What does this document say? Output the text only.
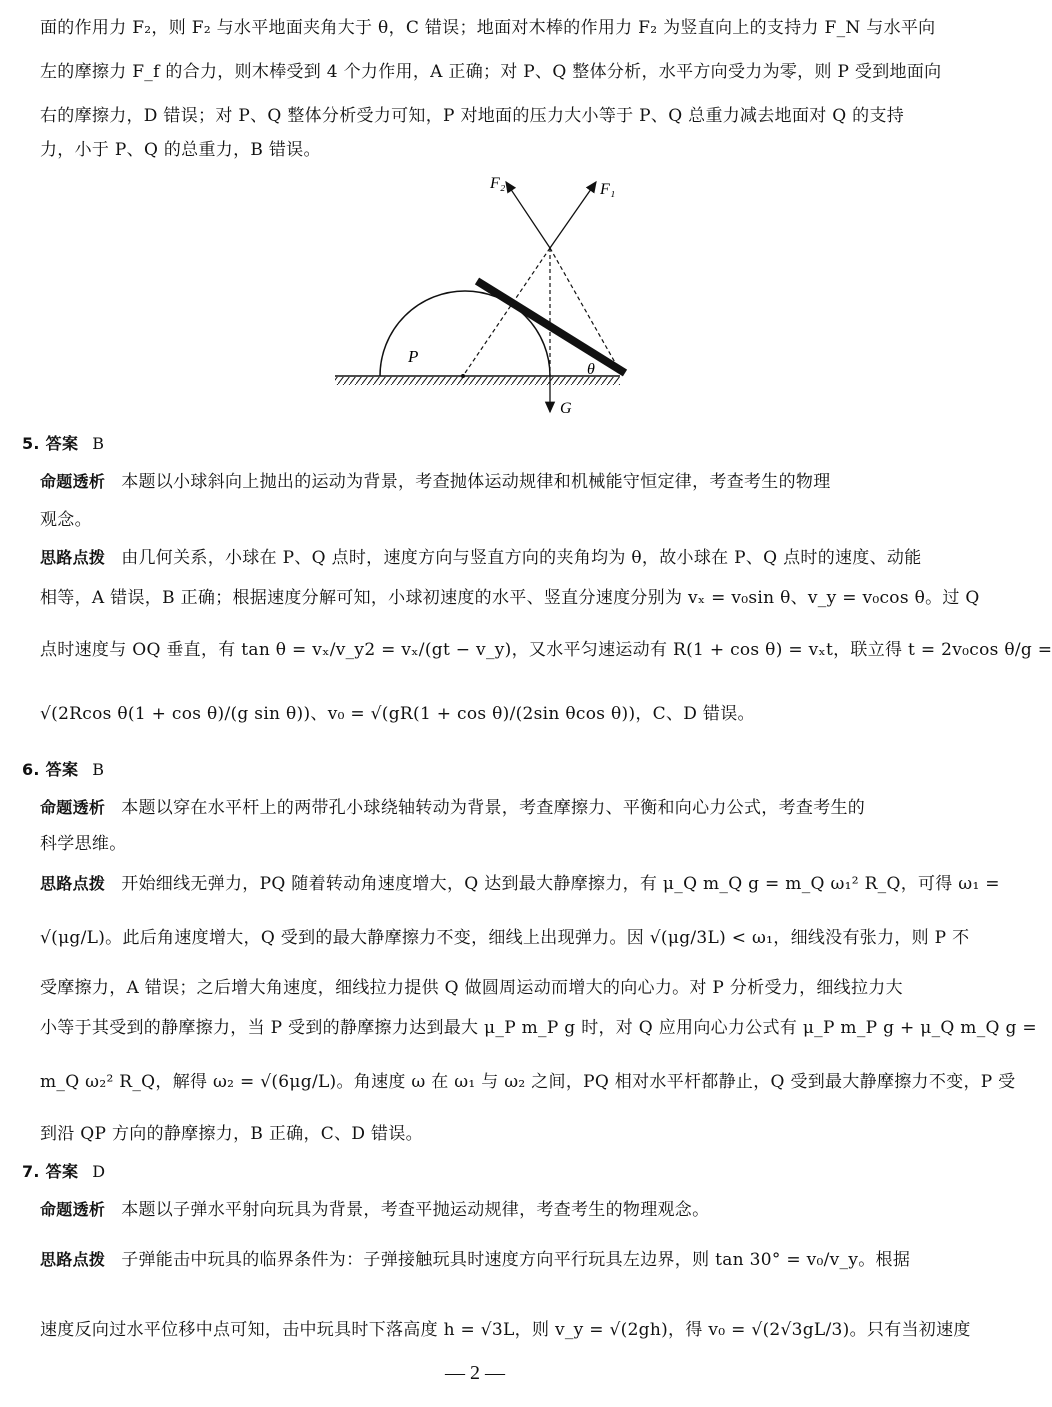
面的作用力 F₂，则 F₂ 与水平地面夹角大于 θ，C 错误；地面对木棒的作用力 F₂ 为竖直向上的支持力 F_N 与水平向
左的摩擦力 F_f 的合力，则木棒受到 4 个力作用，A 正确；对 P、Q 整体分析，水平方向受力为零，则 P 受到地面向
右的摩擦力，D 错误；对 P、Q 整体分析受力可知，P 对地面的压力大小等于 P、Q 总重力减去地面对 Q 的支持
力，小于 P、Q 的总重力，B 错误。
F₂	F₁
P
θ
G
5. 答案 B
命题透析 本题以小球斜向上抛出的运动为背景，考查抛体运动规律和机械能守恒定律，考查考生的物理
观念。
思路点拨 由几何关系，小球在 P、Q 点时，速度方向与竖直方向的夹角均为 θ，故小球在 P、Q 点时的速度、动能
相等，A 错误，B 正确；根据速度分解可知，小球初速度的水平、竖直分速度分别为 vₓ = v₀sin θ、v_y = v₀cos θ。过 Q
点时速度与 OQ 垂直，有 tan θ = vₓ/v_y2 = vₓ/(gt − v_y)，又水平匀速运动有 R(1 + cos θ) = vₓt，联立得 t = 2v₀cos θ/g =
√(2Rcos θ(1 + cos θ)/(g sin θ))、v₀ = √(gR(1 + cos θ)/(2sin θcos θ))，C、D 错误。
6. 答案 B
命题透析 本题以穿在水平杆上的两带孔小球绕轴转动为背景，考查摩擦力、平衡和向心力公式，考查考生的
科学思维。
思路点拨 开始细线无弹力，PQ 随着转动角速度增大，Q 达到最大静摩擦力，有 μ_Q m_Q g = m_Q ω₁² R_Q，可得 ω₁ =
√(μg/L)。此后角速度增大，Q 受到的最大静摩擦力不变，细线上出现弹力。因 √(μg/3L) < ω₁，细线没有张力，则 P 不
受摩擦力，A 错误；之后增大角速度，细线拉力提供 Q 做圆周运动而增大的向心力。对 P 分析受力，细线拉力大
小等于其受到的静摩擦力，当 P 受到的静摩擦力达到最大 μ_P m_P g 时，对 Q 应用向心力公式有 μ_P m_P g + μ_Q m_Q g =
m_Q ω₂² R_Q，解得 ω₂ = √(6μg/L)。角速度 ω 在 ω₁ 与 ω₂ 之间，PQ 相对水平杆都静止，Q 受到最大静摩擦力不变，P 受
到沿 QP 方向的静摩擦力，B 正确，C、D 错误。
7. 答案 D
命题透析 本题以子弹水平射向玩具为背景，考查平抛运动规律，考查考生的物理观念。
思路点拨 子弹能击中玩具的临界条件为：子弹接触玩具时速度方向平行玩具左边界，则 tan 30° = v₀/v_y。根据
速度反向过水平位移中点可知，击中玩具时下落高度 h = √3L，则 v_y = √(2gh)，得 v₀ = √(2√3gL/3)。只有当初速度
— 2 —
